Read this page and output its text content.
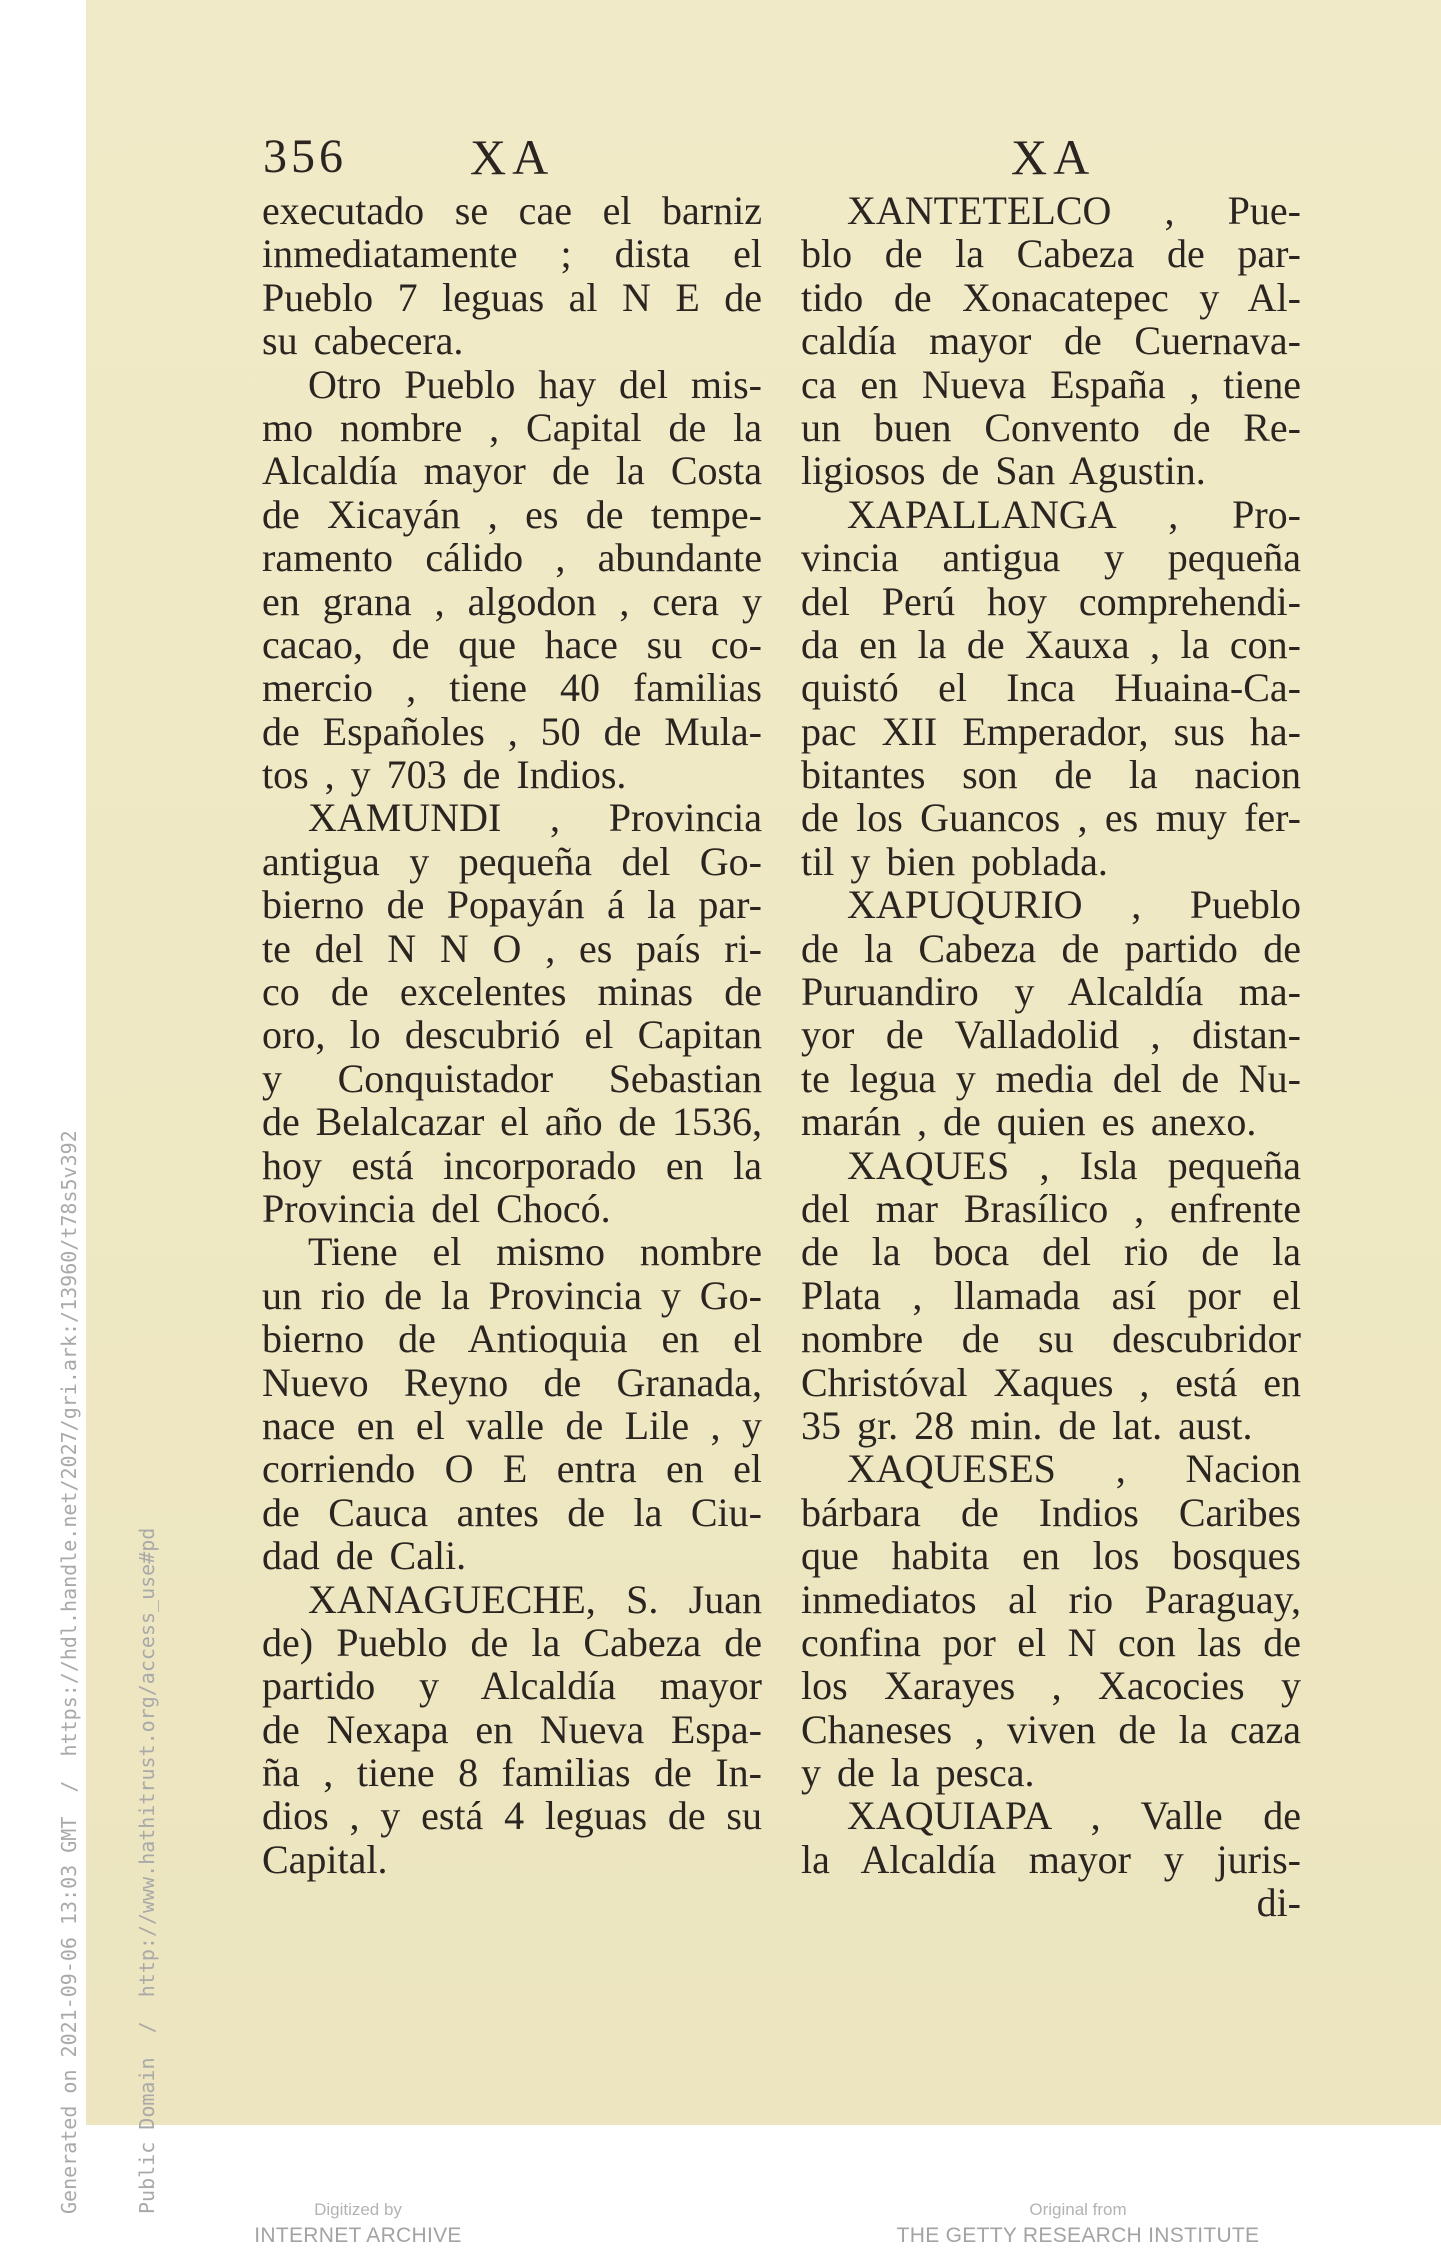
Generated on 2021-09-06 13:03 GMT  /  https://hdl.handle.net/2027/gri.ark:/13960/t78s5v392

	Public Domain  /  http://www.hathitrust.org/access_use#pd

356 XA	XA
executado se cae el barniz
inmediatamente ; dista el
Pueblo 7 leguas al N E de
su cabecera.
Otro Pueblo hay del mis-
mo nombre , Capital de la
Alcaldía mayor de la Costa
de Xicayán , es de tempe-
ramento cálido , abundante
en grana , algodon , cera y
cacao, de que hace su co-
mercio , tiene 40 familias
de Españoles , 50 de Mula-
tos , y 703 de Indios.
XAMUNDI , Provincia
antigua y pequeña del Go-
bierno de Popayán á la par-
te del N N O , es país ri-
co de excelentes minas de
oro, lo descubrió el Capitan
y Conquistador Sebastian
de Belalcazar el año de 1536,
hoy está incorporado en la
Provincia del Chocó.
Tiene el mismo nombre
un rio de la Provincia y Go-
bierno de Antioquia en el
Nuevo Reyno de Granada,
nace en el valle de Lile , y
corriendo O E entra en el
de Cauca antes de la Ciu-
dad de Cali.
XANAGUECHE, S. Juan
de) Pueblo de la Cabeza de
partido y Alcaldía mayor
de Nexapa en Nueva Espa-
ña , tiene 8 familias de In-
dios , y está 4 leguas de su
Capital.
XANTETELCO , Pue-
blo de la Cabeza de par-
tido de Xonacatepec y Al-
caldía mayor de Cuernava-
ca en Nueva España , tiene
un buen Convento de Re-
ligiosos de San Agustin.
XAPALLANGA , Pro-
vincia antigua y pequeña
del Perú hoy comprehendi-
da en la de Xauxa , la con-
quistó el Inca Huaina-Ca-
pac XII Emperador, sus ha-
bitantes son de la nacion
de los Guancos , es muy fer-
til y bien poblada.
XAPUQURIO , Pueblo
de la Cabeza de partido de
Puruandiro y Alcaldía ma-
yor de Valladolid , distan-
te legua y media del de Nu-
marán , de quien es anexo.
XAQUES , Isla pequeña
del mar Brasílico , enfrente
de la boca del rio de la
Plata , llamada así por el
nombre de su descubridor
Christóval Xaques , está en
35 gr. 28 min. de lat. aust.
XAQUESES , Nacion
bárbara de Indios Caribes
que habita en los bosques
inmediatos al rio Paraguay,
confina por el N con las de
los Xarayes , Xacocies y
Chaneses , viven de la caza
y de la pesca.
XAQUIAPA , Valle de
la Alcaldía mayor y juris-
di-
Digitized by
INTERNET ARCHIVE
Original from
THE GETTY RESEARCH INSTITUTE
